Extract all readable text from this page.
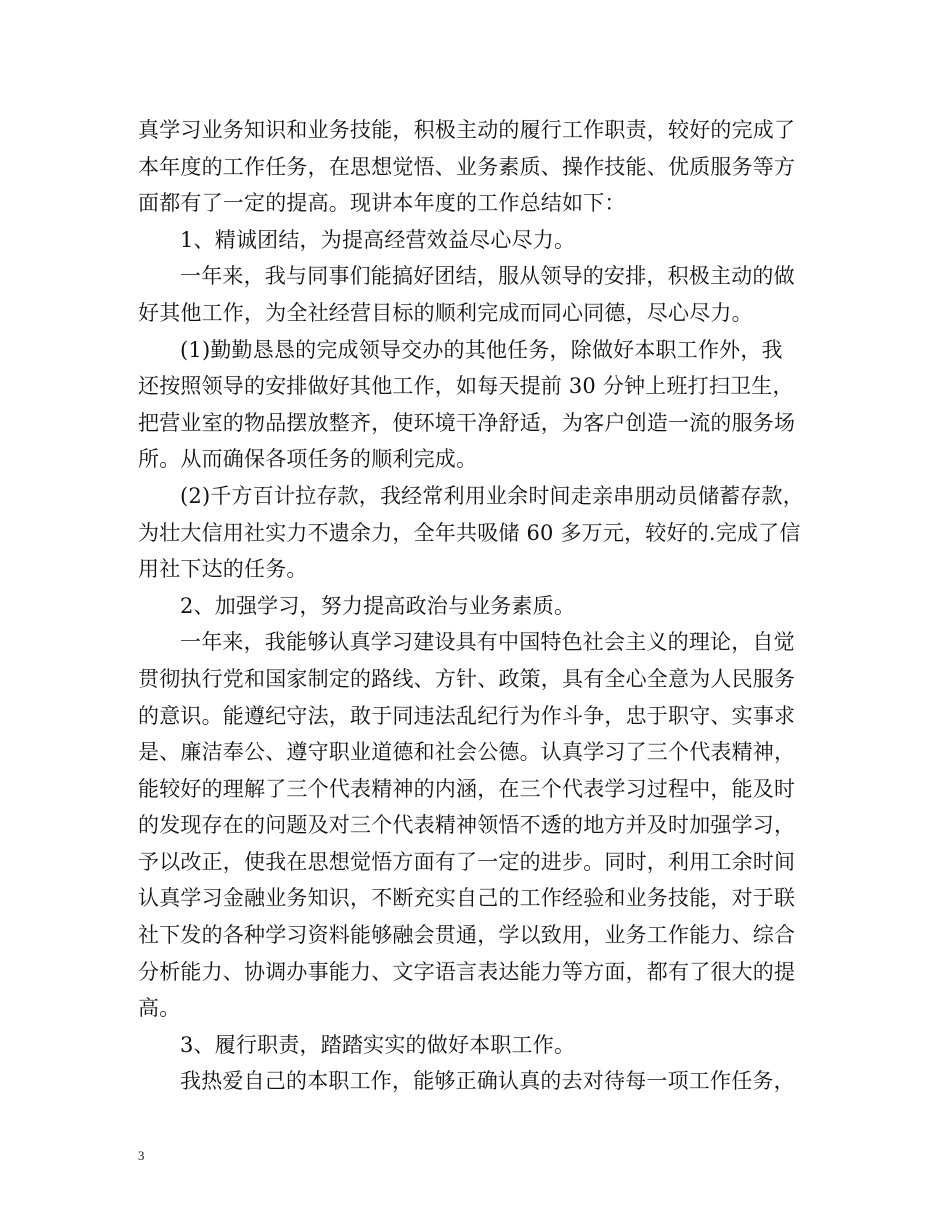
真学习业务知识和业务技能，积极主动的履行工作职责，较好的完成了
本年度的工作任务，在思想觉悟、业务素质、操作技能、优质服务等方
面都有了一定的提高。现讲本年度的工作总结如下：
1、精诚团结，为提高经营效益尽心尽力。
一年来，我与同事们能搞好团结，服从领导的安排，积极主动的做
好其他工作，为全社经营目标的顺利完成而同心同德，尽心尽力。
(1)勤勤恳恳的完成领导交办的其他任务，除做好本职工作外，我
还按照领导的安排做好其他工作，如每天提前 30 分钟上班打扫卫生，
把营业室的物品摆放整齐，使环境干净舒适，为客户创造一流的服务场
所。从而确保各项任务的顺利完成。
(2)千方百计拉存款，我经常利用业余时间走亲串朋动员储蓄存款，
为壮大信用社实力不遗余力，全年共吸储 60 多万元，较好的.完成了信
用社下达的任务。
2、加强学习，努力提高政治与业务素质。
一年来，我能够认真学习建设具有中国特色社会主义的理论，自觉
贯彻执行党和国家制定的路线、方针、政策，具有全心全意为人民服务
的意识。能遵纪守法，敢于同违法乱纪行为作斗争，忠于职守、实事求
是、廉洁奉公、遵守职业道德和社会公德。认真学习了三个代表精神，
能较好的理解了三个代表精神的内涵，在三个代表学习过程中，能及时
的发现存在的问题及对三个代表精神领悟不透的地方并及时加强学习，
予以改正，使我在思想觉悟方面有了一定的进步。同时，利用工余时间
认真学习金融业务知识，不断充实自己的工作经验和业务技能，对于联
社下发的各种学习资料能够融会贯通，学以致用，业务工作能力、综合
分析能力、协调办事能力、文字语言表达能力等方面，都有了很大的提
高。
3、履行职责，踏踏实实的做好本职工作。
我热爱自己的本职工作，能够正确认真的去对待每一项工作任务，
3
